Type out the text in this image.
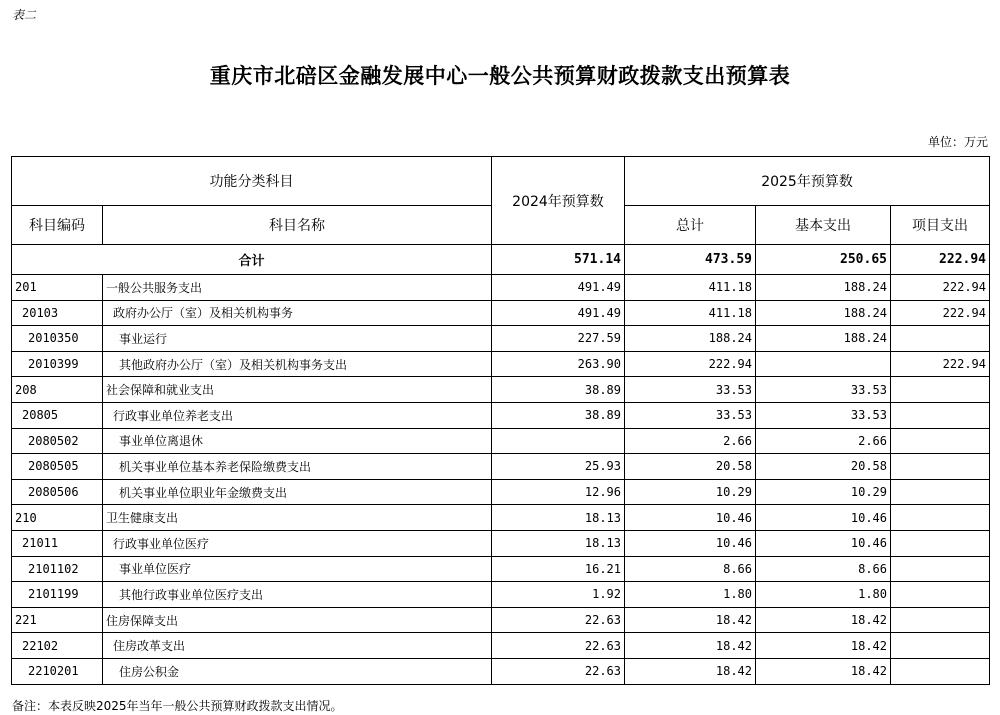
表二
重庆市北碚区金融发展中心一般公共预算财政拨款支出预算表
单位：万元
功能分类科目		2024年预算数	2025年预算数		
科目编码	科目名称		总计	基本支出	项目支出
合计		571.14	473.59	250.65	222.94
201	一般公共服务支出	491.49	411.18	188.24	222.94
20103	政府办公厅（室）及相关机构事务	491.49	411.18	188.24	222.94
2010350	事业运行	227.59	188.24	188.24	
2010399	其他政府办公厅（室）及相关机构事务支出	263.90	222.94		222.94
208	社会保障和就业支出	38.89	33.53	33.53	
20805	行政事业单位养老支出	38.89	33.53	33.53	
2080502	事业单位离退休		2.66	2.66	
2080505	机关事业单位基本养老保险缴费支出	25.93	20.58	20.58	
2080506	机关事业单位职业年金缴费支出	12.96	10.29	10.29	
210	卫生健康支出	18.13	10.46	10.46	
21011	行政事业单位医疗	18.13	10.46	10.46	
2101102	事业单位医疗	16.21	8.66	8.66	
2101199	其他行政事业单位医疗支出	1.92	1.80	1.80	
221	住房保障支出	22.63	18.42	18.42	
22102	住房改革支出	22.63	18.42	18.42	
2210201	住房公积金	22.63	18.42	18.42	
备注：本表反映2025年当年一般公共预算财政拨款支出情况。
